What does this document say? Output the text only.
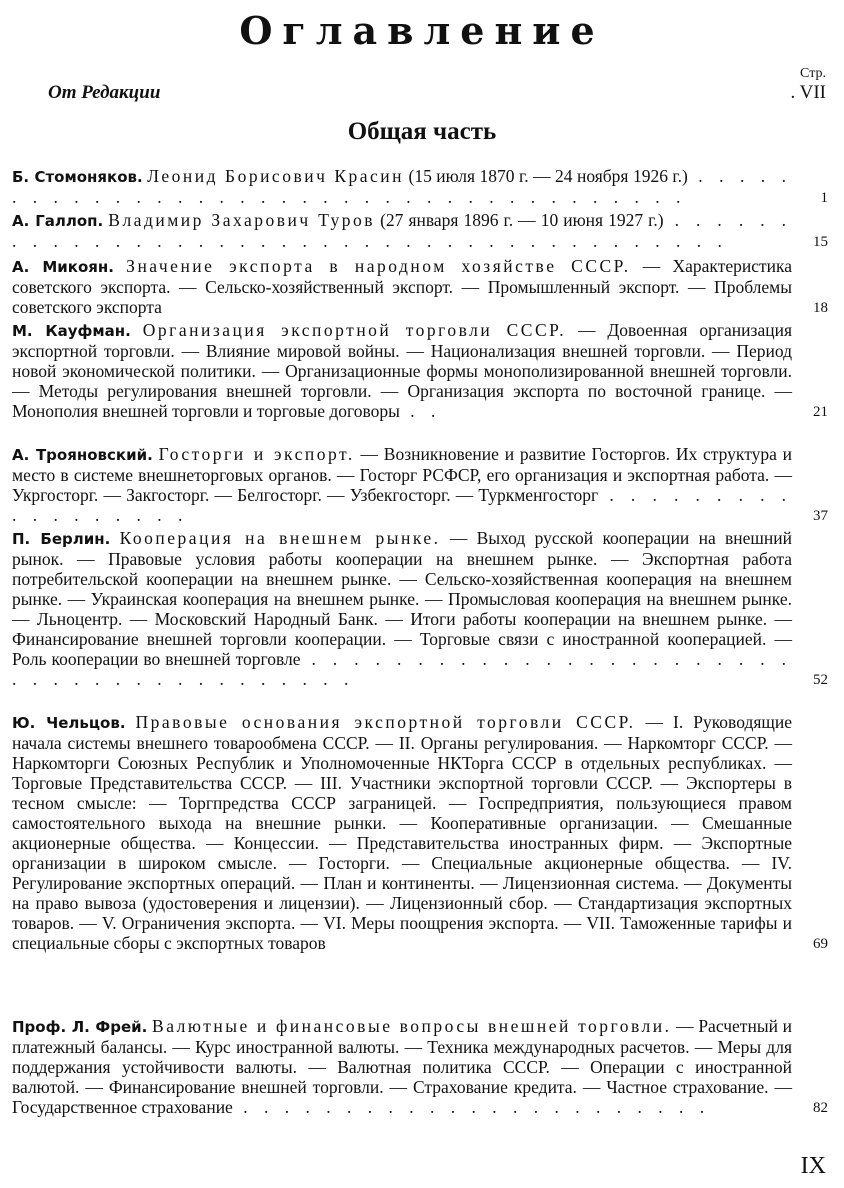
Оглавление
Стр.
От Редакции	. VII
Общая часть
Б. Стомоняков. Леонид Борисович Красин (15 июля 1870 г. — 24 ноября 1926 г.) . . . . . . . . . . . . . . . . . . . . . . . . . . . . . . . . . . . . . .	1
А. Галлоп. Владимир Захарович Туров (27 января 1896 г. — 10 июня 1927 г.) . . . . . . . . . . . . . . . . . . . . . . . . . . . . . . . . . . . . . . . . .	15
А. Микоян. Значение экспорта в народном хозяйстве СССР. — Характеристика советского экспорта. — Сельско-хозяйственный экспорт. — Промышленный экспорт. — Проблемы советского экспорта	18
М. Кауфман. Организация экспортной торговли СССР. — Довоенная организация экспортной торговли. — Влияние мировой войны. — Национализация внешней торговли. — Период новой экономической политики. — Организационные формы монополизированной внешней торговли. — Методы регулирования внешней торговли. — Организация экспорта по восточной границе. — Монополия внешней торговли и торговые договоры . .	21
А. Трояновский. Госторги и экспорт. — Возникновение и развитие Госторгов. Их структура и место в системе внешнеторговых органов. — Госторг РСФСР, его организация и экспортная работа. — Укргосторг. — Закгосторг. — Белгосторг. — Узбекгосторг. — Туркменгосторг . . . . . . . . . . . . . . . . . .	37
П. Берлин. Кооперация на внешнем рынке. — Выход русской кооперации на внешний рынок. — Правовые условия работы кооперации на внешнем рынке. — Экспортная работа потребительской кооперации на внешнем рынке. — Сельско-хозяйственная кооперация на внешнем рынке. — Украинская кооперация на внешнем рынке. — Промысловая кооперация на внешнем рынке. — Льноцентр. — Московский Народный Банк. — Итоги работы кооперации на внешнем рынке. — Финансирование внешней торговли кооперации. — Торговые связи с иностранной кооперацией. — Роль кооперации во внешней торговле . . . . . . . . . . . . . . . . . . . . . . . . . . . . . . . . . . . . . . . .	52
Ю. Чельцов. Правовые основания экспортной торговли СССР. — I. Руководящие начала системы внешнего товарообмена СССР. — II. Органы регулирования. — Наркомторг СССР. — Наркомторги Союзных Республик и Уполномоченные НКТорга СССР в отдельных республиках. — Торговые Представительства СССР. — III. Участники экспортной торговли СССР. — Экспортеры в тесном смысле: — Торгпредства СССР заграницей. — Госпредприятия, пользующиеся правом самостоятельного выхода на внешние рынки. — Кооперативные организации. — Смешанные акционерные общества. — Концессии. — Представительства иностранных фирм. — Экспортные организации в широком смысле. — Госторги. — Специальные акционерные общества. — IV. Регулирование экспортных операций. — План и континенты. — Лицензионная система. — Документы на право вывоза (удостоверения и лицензии). — Лицензионный сбор. — Стандартизация экспортных товаров. — V. Ограничения экспорта. — VI. Меры поощрения экспорта. — VII. Таможенные тарифы и специальные сборы с экспортных товаров	69
Проф. Л. Фрей. Валютные и финансовые вопросы внешней торговли. — Расчетный и платежный балансы. — Курс иностранной валюты. — Техника международных расчетов. — Меры для поддержания устойчивости валюты. — Валютная политика СССР. — Операции с иностранной валютой. — Финансирование внешней торговли. — Страхование кредита. — Частное страхование. — Государственное страхование . . . . . . . . . . . . . . . . . . . . . . .	82
IX
